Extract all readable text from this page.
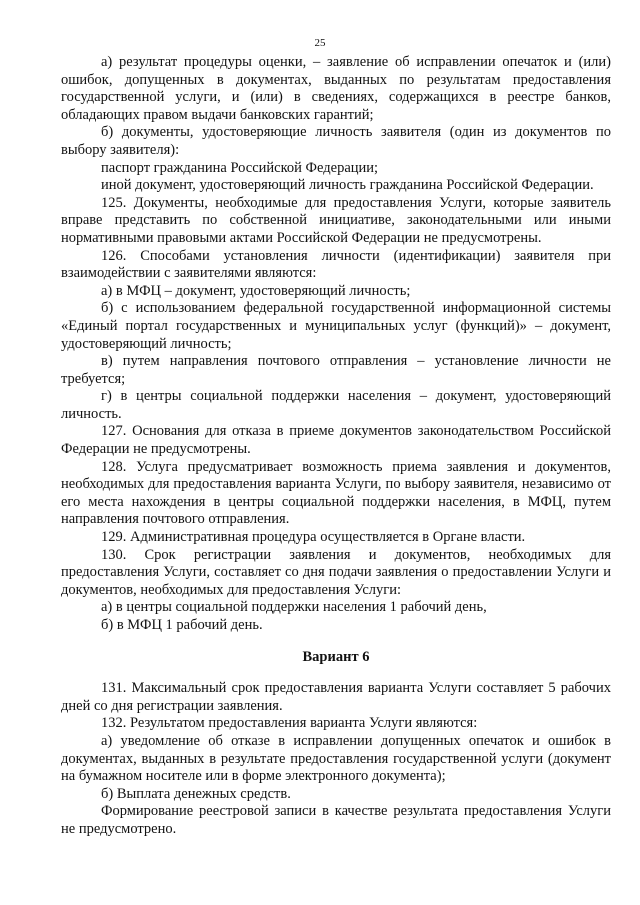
25

а) результат процедуры оценки, – заявление об исправлении опечаток и (или) ошибок, допущенных в документах, выданных по результатам предоставления государственной услуги, и (или) в сведениях, содержащихся в реестре банков, обладающих правом выдачи банковских гарантий;

б) документы, удостоверяющие личность заявителя (один из документов по выбору заявителя):

паспорт гражданина Российской Федерации;

иной документ, удостоверяющий личность гражданина Российской Федерации.

125. Документы, необходимые для предоставления Услуги, которые заявитель вправе представить по собственной инициативе, законодательными или иными нормативными правовыми актами Российской Федерации не предусмотрены.

126. Способами установления личности (идентификации) заявителя при взаимодействии с заявителями являются:

а) в МФЦ – документ, удостоверяющий личность;

б) с использованием федеральной государственной информационной системы «Единый портал государственных и муниципальных услуг (функций)» – документ, удостоверяющий личность;

в) путем направления почтового отправления – установление личности не требуется;

г) в центры социальной поддержки населения – документ, удостоверяющий личность.

127. Основания для отказа в приеме документов законодательством Российской Федерации не предусмотрены.

128. Услуга предусматривает возможность приема заявления и документов, необходимых для предоставления варианта Услуги, по выбору заявителя, независимо от его места нахождения в центры социальной поддержки населения, в МФЦ, путем направления почтового отправления.

129. Административная процедура осуществляется в Органе власти.

130. Срок регистрации заявления и документов, необходимых для предоставления Услуги, составляет со дня подачи заявления о предоставлении Услуги и документов, необходимых для предоставления Услуги:

а) в центры социальной поддержки населения 1 рабочий день,

б) в МФЦ 1 рабочий день.

Вариант 6

131. Максимальный срок предоставления варианта Услуги составляет 5 рабочих дней со дня регистрации заявления.

132. Результатом предоставления варианта Услуги являются:

а) уведомление об отказе в исправлении допущенных опечаток и ошибок в документах, выданных в результате предоставления государственной услуги (документ на бумажном носителе или в форме электронного документа);

б) Выплата денежных средств.

Формирование реестровой записи в качестве результата предоставления Услуги не предусмотрено.
